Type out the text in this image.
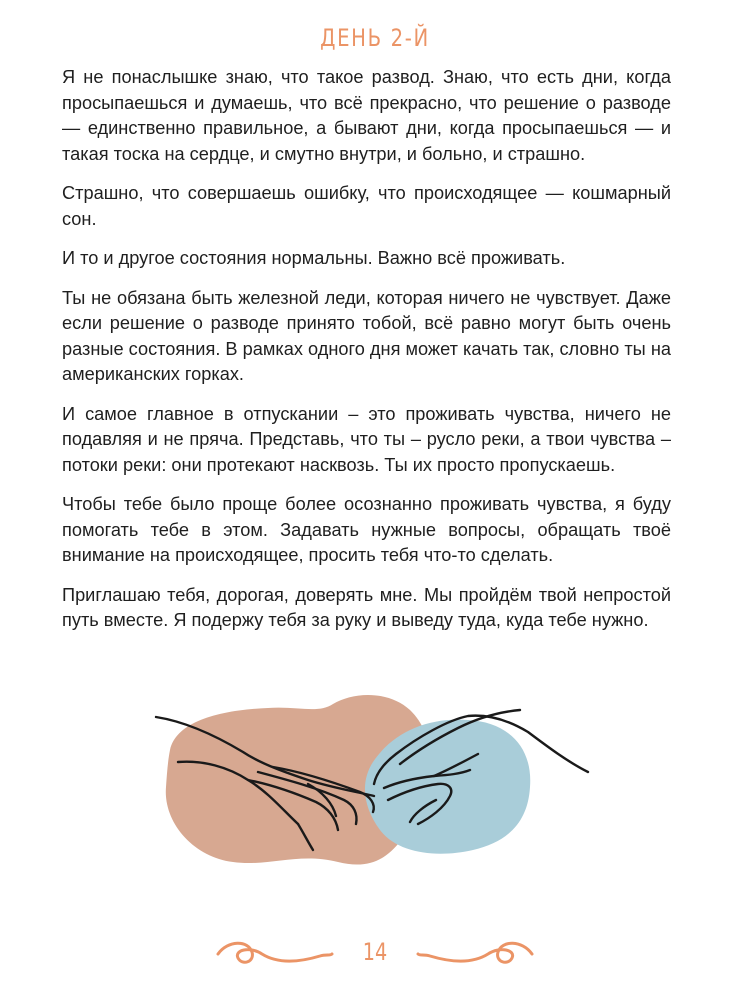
ДЕНЬ 2-Й

Я не понаслышке знаю, что такое развод. Знаю, что есть дни, когда просыпаешься и думаешь, что всё прекрасно, что решение о разводе — единственно правильное, а бывают дни, когда просыпаешься — и такая тоска на сердце, и смутно внутри, и больно, и страшно.

Страшно, что совершаешь ошибку, что происходящее — кошмарный сон.

И то и другое состояния нормальны. Важно всё проживать.

Ты не обязана быть железной леди, которая ничего не чувствует. Даже если решение о разводе принято тобой, всё равно могут быть очень разные состояния. В рамках одного дня может качать так, словно ты на американских горках.

И самое главное в отпускании – это проживать чувства, ничего не подавляя и не пряча. Представь, что ты – русло реки, а твои чувства – потоки реки: они протекают насквозь. Ты их просто пропускаешь.

Чтобы тебе было проще более осознанно проживать чувства, я буду помогать тебе в этом. Задавать нужные вопросы, обращать твоё внимание на происходящее, просить тебя что-то сделать.

Приглашаю тебя, дорогая, доверять мне. Мы пройдём твой непростой путь вместе. Я подержу тебя за руку и выведу туда, куда тебе нужно.

14
